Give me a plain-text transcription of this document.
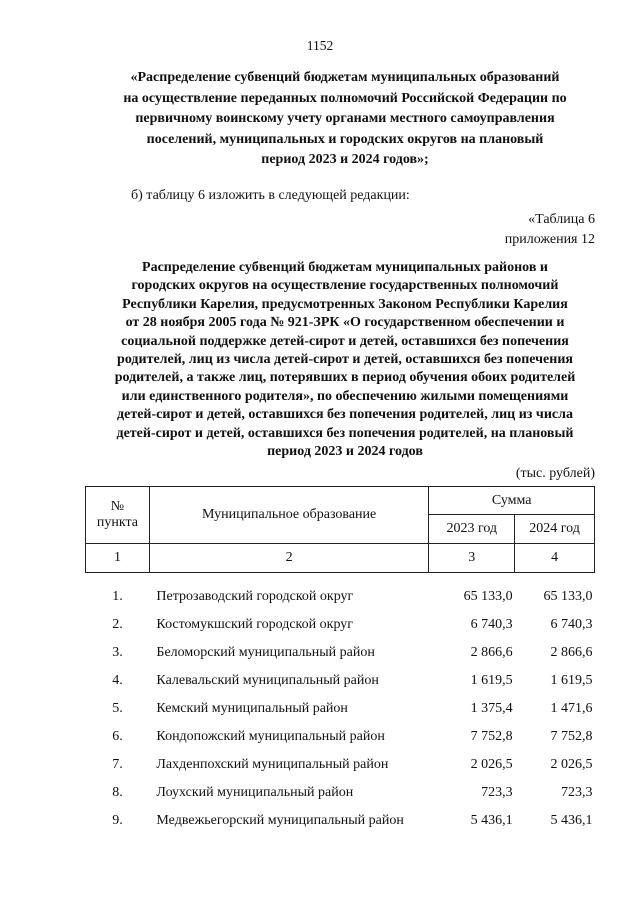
1152
«Распределение субвенций бюджетам муниципальных образований
на осуществление переданных полномочий Российской Федерации по
первичному воинскому учету органами местного самоуправления
поселений, муниципальных и городских округов на плановый
период 2023 и 2024 годов»;
б) таблицу 6 изложить в следующей редакции:
«Таблица 6
приложения 12
Распределение субвенций бюджетам муниципальных районов и
городских округов на осуществление государственных полномочий
Республики Карелия, предусмотренных Законом Республики Карелия
от 28 ноября 2005 года № 921-ЗРК «О государственном обеспечении и
социальной поддержке детей-сирот и детей, оставшихся без попечения
родителей, лиц из числа детей-сирот и детей, оставшихся без попечения
родителей, а также лиц, потерявших в период обучения обоих родителей
или единственного родителя», по обеспечению жилыми помещениями
детей-сирот и детей, оставшихся без попечения родителей, лиц из числа
детей-сирот и детей, оставшихся без попечения родителей, на плановый
период 2023 и 2024 годов
(тыс. рублей)
№
пункта	Муниципальное образование	Сумма	
		2023 год	2024 год
1	2	3	4

1.	Петрозаводский городской округ	65 133,0	65 133,0
2.	Костомукшский городской округ	6 740,3	6 740,3
3.	Беломорский муниципальный район	2 866,6	2 866,6
4.	Калевальский муниципальный район	1 619,5	1 619,5
5.	Кемский муниципальный район	1 375,4	1 471,6
6.	Кондопожский муниципальный район	7 752,8	7 752,8
7.	Лахденпохский муниципальный район	2 026,5	2 026,5
8.	Лоухский муниципальный район	723,3	723,3
9.	Медвежьегорский муниципальный район	5 436,1	5 436,1
